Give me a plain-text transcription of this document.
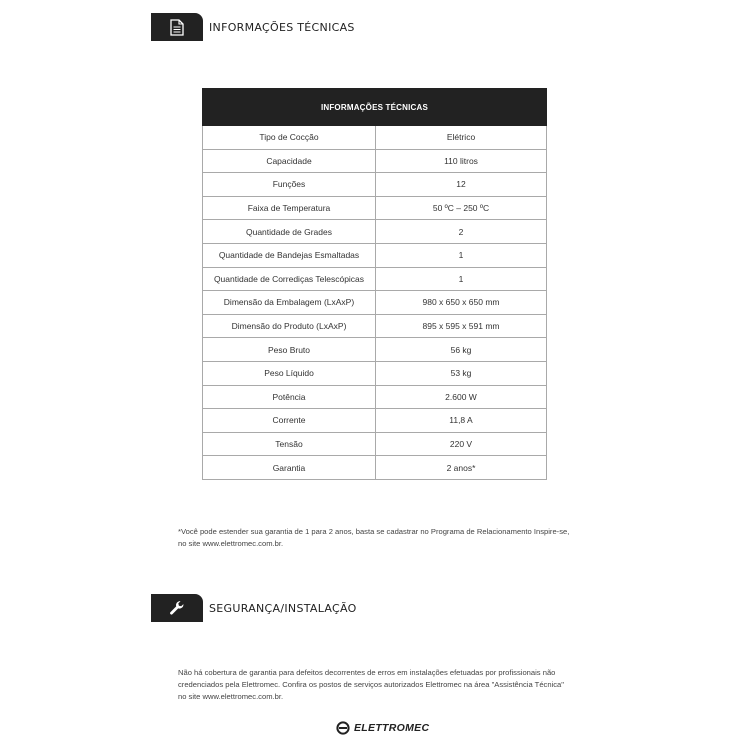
INFORMAÇÕES TÉCNICAS
INFORMAÇÕES TÉCNICAS	
Tipo de Cocção	Elétrico
Capacidade	110 litros
Funções	12
Faixa de Temperatura	50 ºC – 250 ºC
Quantidade de Grades	2
Quantidade de Bandejas Esmaltadas	1
Quantidade de Corrediças Telescópicas	1
Dimensão da Embalagem (LxAxP)	980 x 650 x 650 mm
Dimensão do Produto (LxAxP)	895 x 595 x 591 mm
Peso Bruto	56 kg
Peso Líquido	53 kg
Potência	2.600 W
Corrente	11,8 A
Tensão	220 V
Garantia	2 anos*
*Você pode estender sua garantia de 1 para 2 anos, basta se cadastrar no Programa de Relacionamento Inspire-se, no site www.elettromec.com.br.
SEGURANÇA/INSTALAÇÃO
Não há cobertura de garantia para defeitos decorrentes de erros em instalações efetuadas por profissionais não credenciados pela Elettromec. Confira os postos de serviços autorizados Elettromec na área "Assistência Técnica" no site www.elettromec.com.br.
ELETTROMEC
